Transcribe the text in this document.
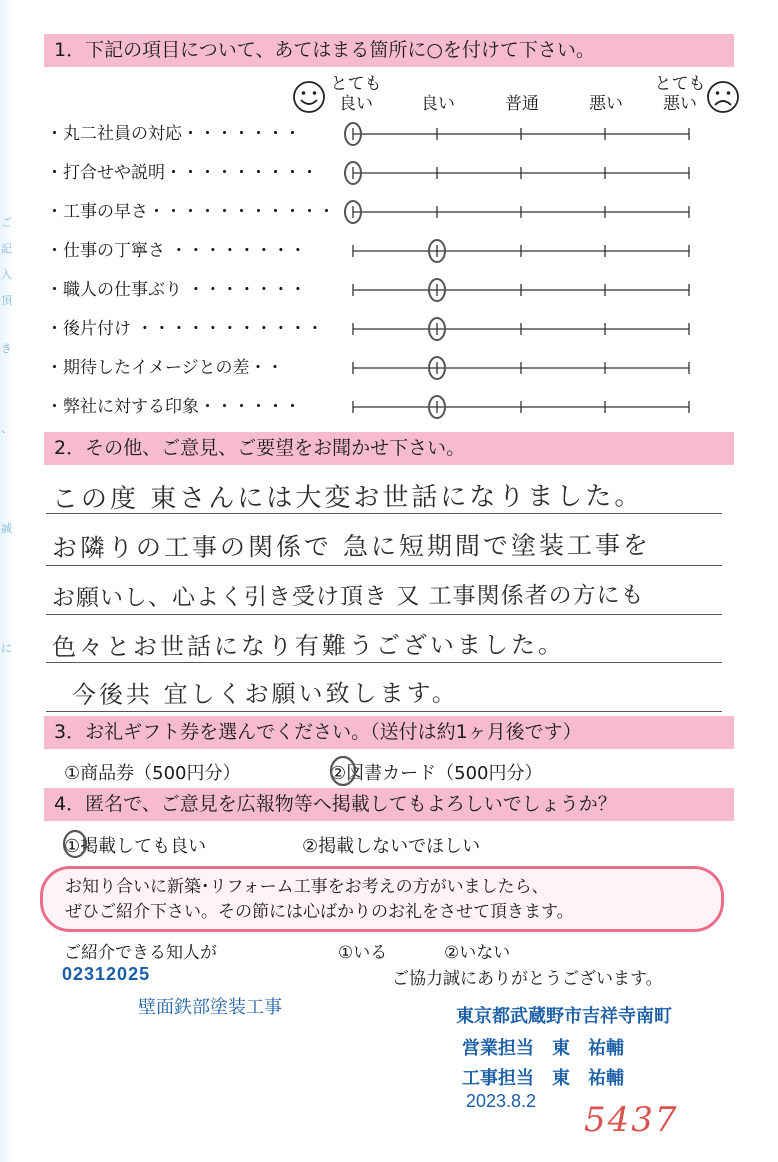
ご
記
入
頂
き
、
誠
に
1．下記の項目について、あてはまる箇所に○を付けて下さい。
とても
良い	良い	普通	悪い
とても
悪い
・丸二社員の対応・・・・・・・
・打合せや説明・・・・・・・・・
・工事の早さ・・・・・・・・・・・
・仕事の丁寧さ ・・・・・・・・
・職人の仕事ぶり ・・・・・・・
・後片付け ・・・・・・・・・・・
・期待したイメージとの差・・
・弊社に対する印象・・・・・・
2．その他、ご意見、ご要望をお聞かせ下さい。
この度 東さんには大変お世話になりました。
お隣りの工事の関係で 急に短期間で塗装工事を
お願いし、心よく引き受け頂き 又 工事関係者の方にも
色々とお世話になり有難うございました。
今後共 宜しくお願い致します。
3．お礼ギフト券を選んでください。（送付は約1ヶ月後です）
①商品券（500円分）	②図書カード（500円分）
4．匿名で、ご意見を広報物等へ掲載してもよろしいでしょうか？
①掲載しても良い	②掲載しないでほしい
お知り合いに新築･リフォーム工事をお考えの方がいましたら、
ぜひご紹介下さい。その節には心ばかりのお礼をさせて頂きます。
ご紹介できる知人が	①いる	②いない
ご協力誠にありがとうございます。
02312025
壁面鉄部塗装工事	東京都武蔵野市吉祥寺南町
営業担当　東　祐輔
工事担当　東　祐輔
2023.8.2 5437
